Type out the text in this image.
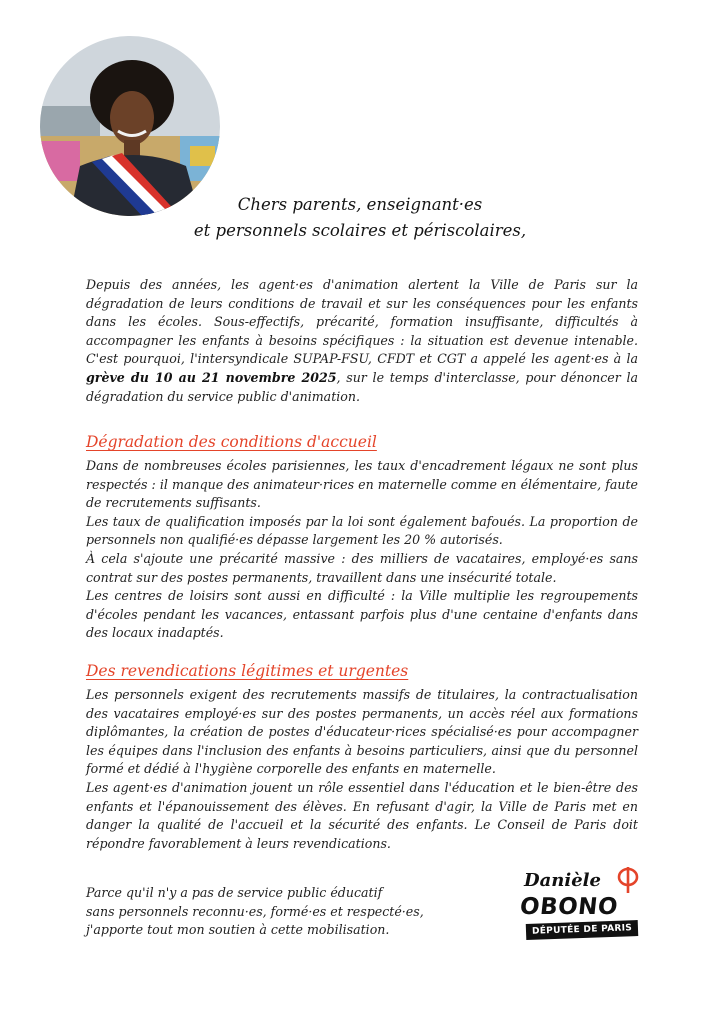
Chers parents, enseignant·es
et personnels scolaires et périscolaires,

Depuis des années, les agent·es d'animation alertent la Ville de Paris sur la dégradation de leurs conditions de travail et sur les conséquences pour les enfants dans les écoles. Sous-effectifs, précarité, formation insuffisante, difficultés à accompagner les enfants à besoins spécifiques : la situation est devenue intenable. C'est pourquoi, l'intersyndicale SUPAP-FSU, CFDT et CGT a appelé les agent·es à la grève du 10 au 21 novembre 2025, sur le temps d'interclasse, pour dénoncer la dégradation du service public d'animation.

Dégradation des conditions d'accueil

Dans de nombreuses écoles parisiennes, les taux d'encadrement légaux ne sont plus respectés : il manque des animateur·rices en maternelle comme en élémentaire, faute de recrutements suffisants.

Les taux de qualification imposés par la loi sont également bafoués. La proportion de personnels non qualifié·es dépasse largement les 20 % autorisés.

À cela s'ajoute une précarité massive : des milliers de vacataires, employé·es sans contrat sur des postes permanents, travaillent dans une insécurité totale.

Les centres de loisirs sont aussi en difficulté : la Ville multiplie les regroupements d'écoles pendant les vacances, entassant parfois plus d'une centaine d'enfants dans des locaux inadaptés.

Des revendications légitimes et urgentes

Les personnels exigent des recrutements massifs de titulaires, la contractualisation des vacataires employé·es sur des postes permanents, un accès réel aux formations diplômantes, la création de postes d'éducateur·rices spécialisé·es pour accompagner les équipes dans l'inclusion des enfants à besoins particuliers, ainsi que du personnel formé et dédié à l'hygiène corporelle des enfants en maternelle.

Les agent·es d'animation jouent un rôle essentiel dans l'éducation et le bien-être des enfants et l'épanouissement des élèves. En refusant d'agir, la Ville de Paris met en danger la qualité de l'accueil et la sécurité des enfants. Le Conseil de Paris doit répondre favorablement à leurs revendications.

Parce qu'il n'y a pas de service public éducatif
sans personnels reconnu·es, formé·es et respecté·es,
j'apporte tout mon soutien à cette mobilisation.
Danièle
OBONO
DÉPUTÉE DE PARIS
